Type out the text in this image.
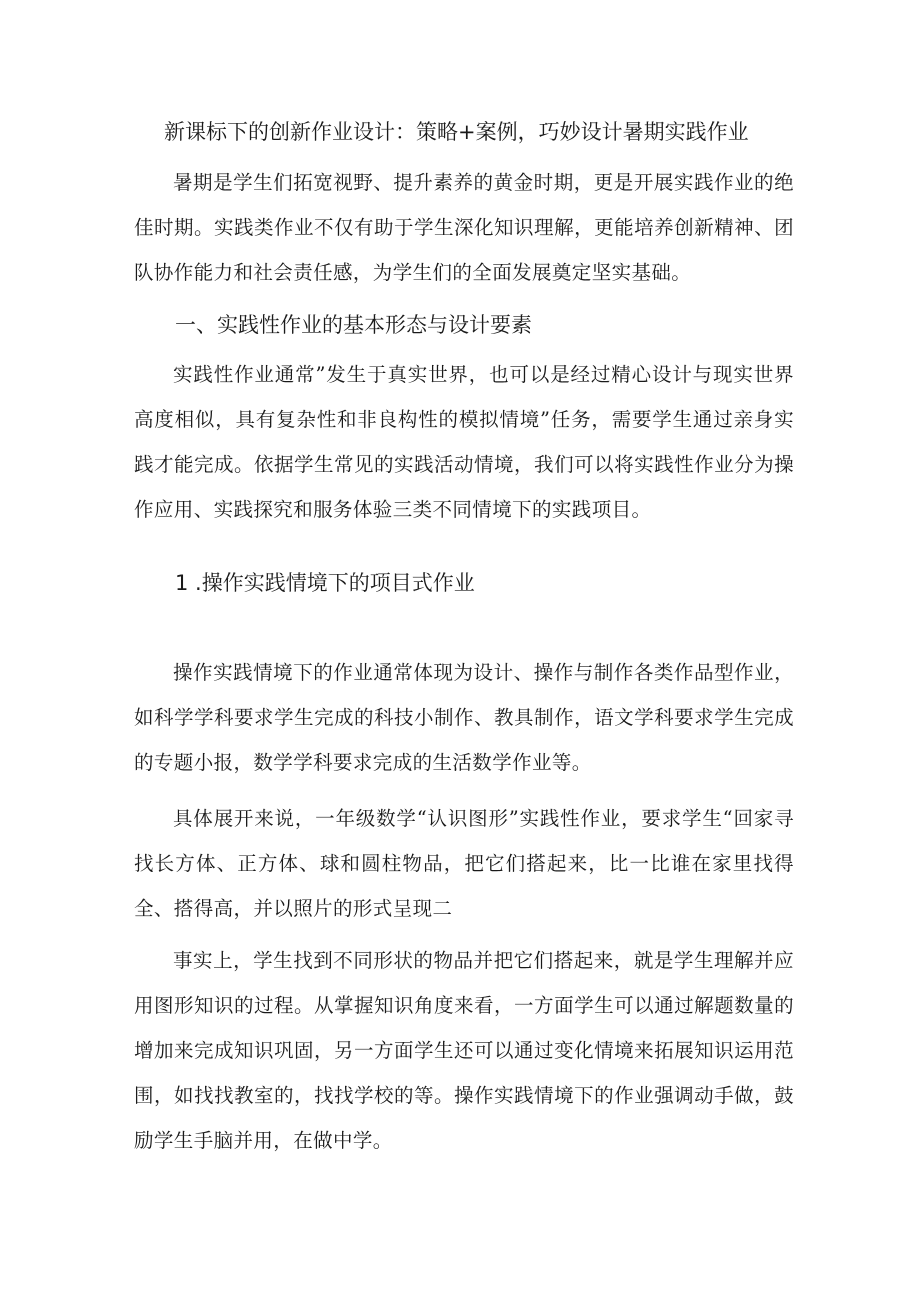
新课标下的创新作业设计：策略+案例，巧妙设计暑期实践作业

暑期是学生们拓宽视野、提升素养的黄金时期，更是开展实践作业的绝佳时期。实践类作业不仅有助于学生深化知识理解，更能培养创新精神、团队协作能力和社会责任感，为学生们的全面发展奠定坚实基础。

一、实践性作业的基本形态与设计要素

实践性作业通常”发生于真实世界，也可以是经过精心设计与现实世界高度相似，具有复杂性和非良构性的模拟情境”任务，需要学生通过亲身实践才能完成。依据学生常见的实践活动情境，我们可以将实践性作业分为操作应用、实践探究和服务体验三类不同情境下的实践项目。

1 .操作实践情境下的项目式作业

操作实践情境下的作业通常体现为设计、操作与制作各类作品型作业，如科学学科要求学生完成的科技小制作、教具制作，语文学科要求学生完成的专题小报，数学学科要求完成的生活数学作业等。

具体展开来说，一年级数学“认识图形”实践性作业，要求学生“回家寻找长方体、正方体、球和圆柱物品，把它们搭起来，比一比谁在家里找得全、搭得高，并以照片的形式呈现二

事实上，学生找到不同形状的物品并把它们搭起来，就是学生理解并应用图形知识的过程。从掌握知识角度来看，一方面学生可以通过解题数量的增加来完成知识巩固，另一方面学生还可以通过变化情境来拓展知识运用范围，如找找教室的，找找学校的等。操作实践情境下的作业强调动手做，鼓励学生手脑并用，在做中学。
